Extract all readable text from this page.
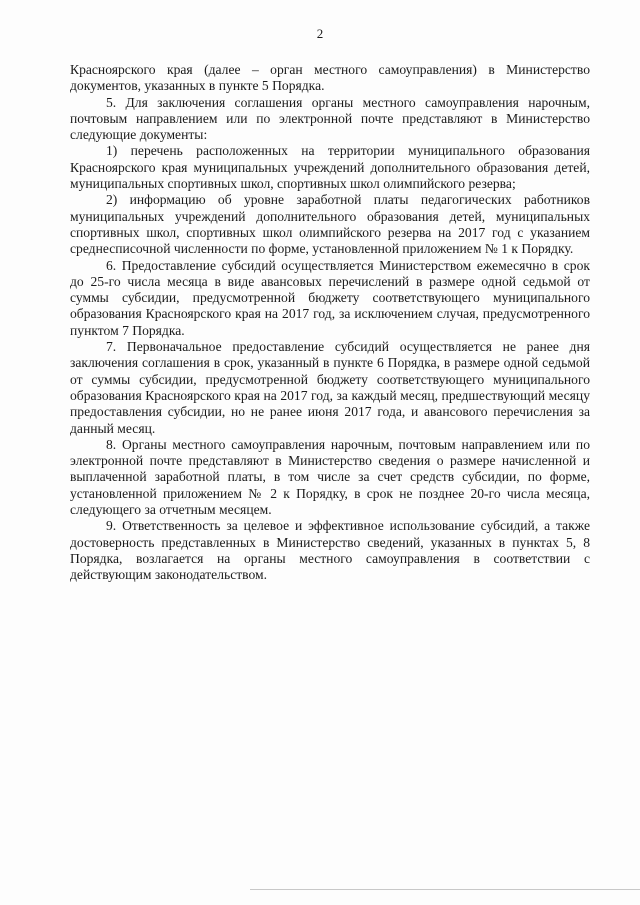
2

Красноярского края (далее – орган местного самоуправления) в Министерство документов, указанных в пункте 5 Порядка.

5. Для заключения соглашения органы местного самоуправления нарочным, почтовым направлением или по электронной почте представляют в Министерство следующие документы:

1) перечень расположенных на территории муниципального образования Красноярского края муниципальных учреждений дополнительного образования детей, муниципальных спортивных школ, спортивных школ олимпийского резерва;

2) информацию об уровне заработной платы педагогических работников муниципальных учреждений дополнительного образования детей, муниципальных спортивных школ, спортивных школ олимпийского резерва на 2017 год с указанием среднесписочной численности по форме, установленной приложением № 1 к Порядку.

6. Предоставление субсидий осуществляется Министерством ежемесячно в срок до 25-го числа месяца в виде авансовых перечислений в размере одной седьмой от суммы субсидии, предусмотренной бюджету соответствующего муниципального образования Красноярского края на 2017 год, за исключением случая, предусмотренного пунктом 7 Порядка.

7. Первоначальное предоставление субсидий осуществляется не ранее дня заключения соглашения в срок, указанный в пункте 6 Порядка, в размере одной седьмой от суммы субсидии, предусмотренной бюджету соответствующего муниципального образования Красноярского края на 2017 год, за каждый месяц, предшествующий месяцу предоставления субсидии, но не ранее июня 2017 года, и авансового перечисления за данный месяц.

8. Органы местного самоуправления нарочным, почтовым направлением или по электронной почте представляют в Министерство сведения о размере начисленной и выплаченной заработной платы, в том числе за счет средств субсидии, по форме, установленной приложением № 2 к Порядку, в срок не позднее 20-го числа месяца, следующего за отчетным месяцем.

9. Ответственность за целевое и эффективное использование субсидий, а также достоверность представленных в Министерство сведений, указанных в пунктах 5, 8 Порядка, возлагается на органы местного самоуправления в соответствии с действующим законодательством.
